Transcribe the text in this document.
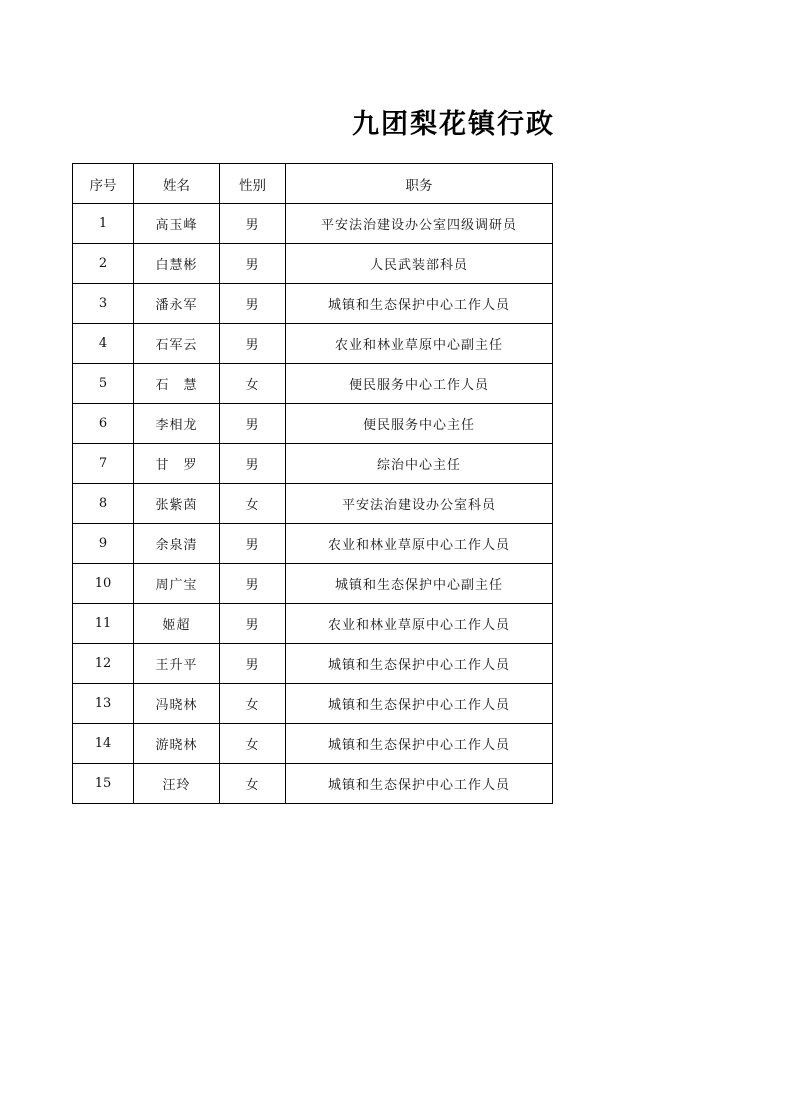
九团梨花镇行政
序号	姓名	性别	职务
1	高玉峰	男	平安法治建设办公室四级调研员
2	白慧彬	男	人民武装部科员
3	潘永军	男	城镇和生态保护中心工作人员
4	石军云	男	农业和林业草原中心副主任
5	石　慧	女	便民服务中心工作人员
6	李相龙	男	便民服务中心主任
7	甘　罗	男	综治中心主任
8	张紫茵	女	平安法治建设办公室科员
9	余泉清	男	农业和林业草原中心工作人员
10	周广宝	男	城镇和生态保护中心副主任
11	姬超	男	农业和林业草原中心工作人员
12	王升平	男	城镇和生态保护中心工作人员
13	冯晓林	女	城镇和生态保护中心工作人员
14	游晓林	女	城镇和生态保护中心工作人员
15	汪玲	女	城镇和生态保护中心工作人员
